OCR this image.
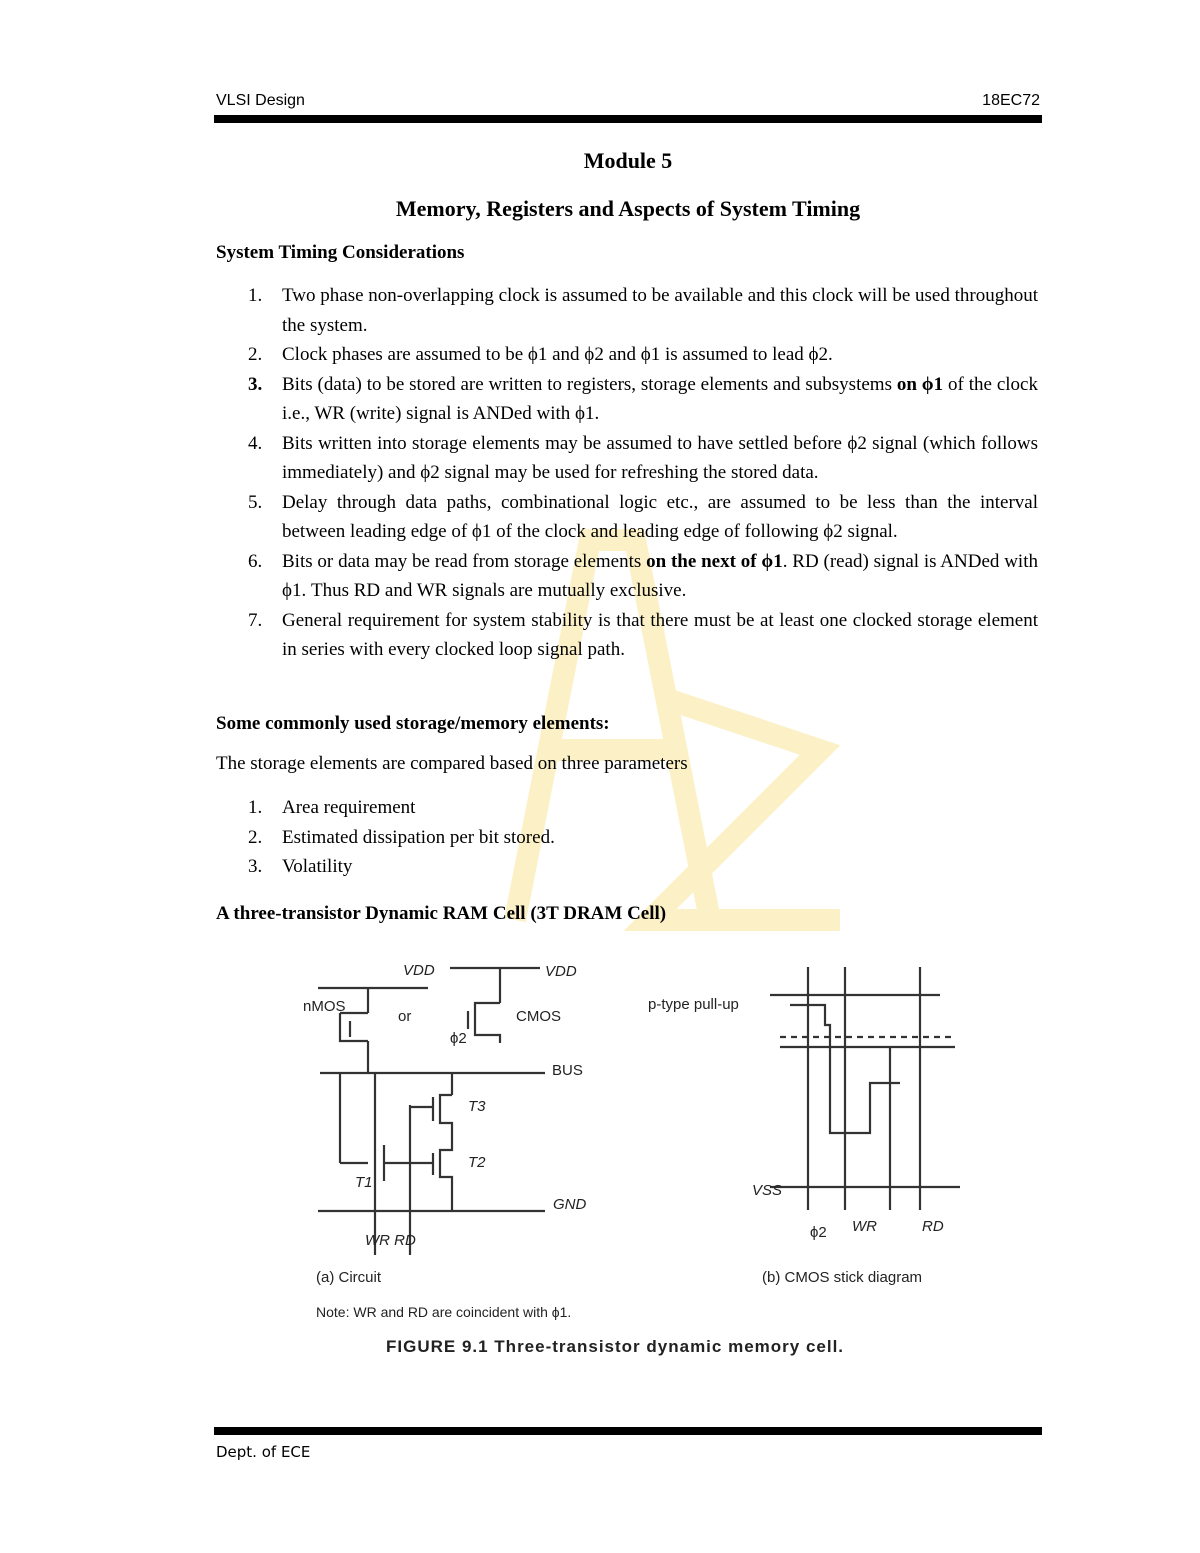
VLSI Design	18EC72
Module 5
Memory, Registers and Aspects of System Timing
System Timing Considerations
1. Two phase non-overlapping clock is assumed to be available and this clock will be used throughout the system.
2. Clock phases are assumed to be ϕ1 and ϕ2 and ϕ1 is assumed to lead ϕ2.
3. Bits (data) to be stored are written to registers, storage elements and subsystems on ϕ1 of the clock i.e., WR (write) signal is ANDed with ϕ1.
4. Bits written into storage elements may be assumed to have settled before ϕ2 signal (which follows immediately) and ϕ2 signal may be used for refreshing the stored data.
5. Delay through data paths, combinational logic etc., are assumed to be less than the interval between leading edge of ϕ1 of the clock and leading edge of following ϕ2 signal.
6. Bits or data may be read from storage elements on the next of ϕ1. RD (read) signal is ANDed with ϕ1. Thus RD and WR signals are mutually exclusive.
7. General requirement for system stability is that there must be at least one clocked storage element in series with every clocked loop signal path.
Some commonly used storage/memory elements:
The storage elements are compared based on three parameters
1. Area requirement
2. Estimated dissipation per bit stored.
3. Volatility
A three-transistor Dynamic RAM Cell (3T DRAM Cell)
VDD	VDD
nMOS
or
ϕ2
CMOS
BUS
T3
T2
T1
GND
WR RD
p-type pull-up
VSS
ϕ2 WR	RD
(a) Circuit	(b) CMOS stick diagram
Note: WR and RD are coincident with ϕ1.
FIGURE 9.1 Three-transistor dynamic memory cell.
Dept. of ECE
